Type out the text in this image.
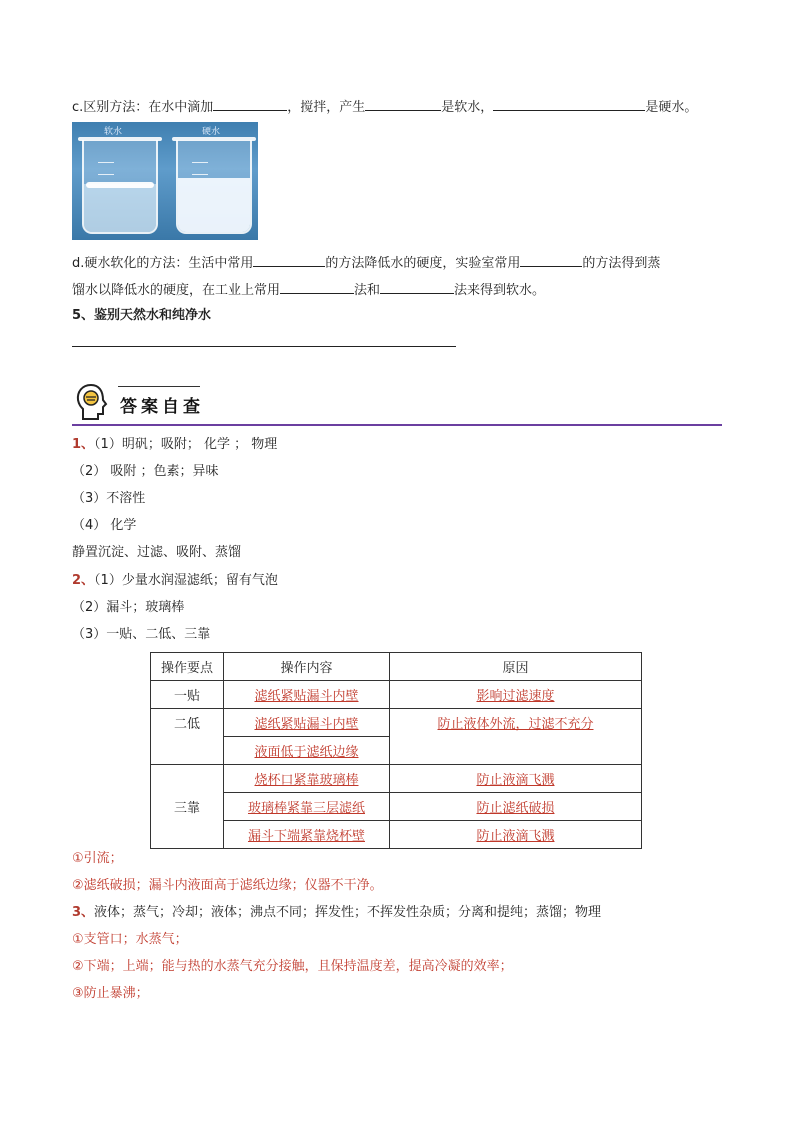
c.区别方法：在水中滴加	，搅拌，产生	是软水，	是硬水。
软水	硬水
d.硬水软化的方法：生活中常用	的方法降低水的硬度，实验室常用	的方法得到蒸
馏水以降低水的硬度，在工业上常用	法和	法来得到软水。
5、鉴别天然水和纯净水
答案自查
1、（1）明矾；吸附； 化学 ； 物理
（2） 吸附 ；色素；异味
（3）不溶性
（4） 化学
静置沉淀、过滤、吸附、蒸馏
2、（1）少量水润湿滤纸；留有气泡
（2）漏斗；玻璃棒
（3）一贴、二低、三靠
操作要点	操作内容	原因
一贴	滤纸紧贴漏斗内壁	影响过滤速度
二低	滤纸紧贴漏斗内壁	防止液体外流，过滤不充分
	液面低于滤纸边缘	
三靠	烧杯口紧靠玻璃棒	防止液滴飞溅
	玻璃棒紧靠三层滤纸	防止滤纸破损
	漏斗下端紧靠烧杯壁	防止液滴飞溅
①引流；
②滤纸破损；漏斗内液面高于滤纸边缘；仪器不干净。
3、液体；蒸气；冷却；液体；沸点不同；挥发性；不挥发性杂质；分离和提纯；蒸馏；物理
①支管口；水蒸气；
②下端；上端；能与热的水蒸气充分接触，且保持温度差，提高冷凝的效率；
③防止暴沸；
